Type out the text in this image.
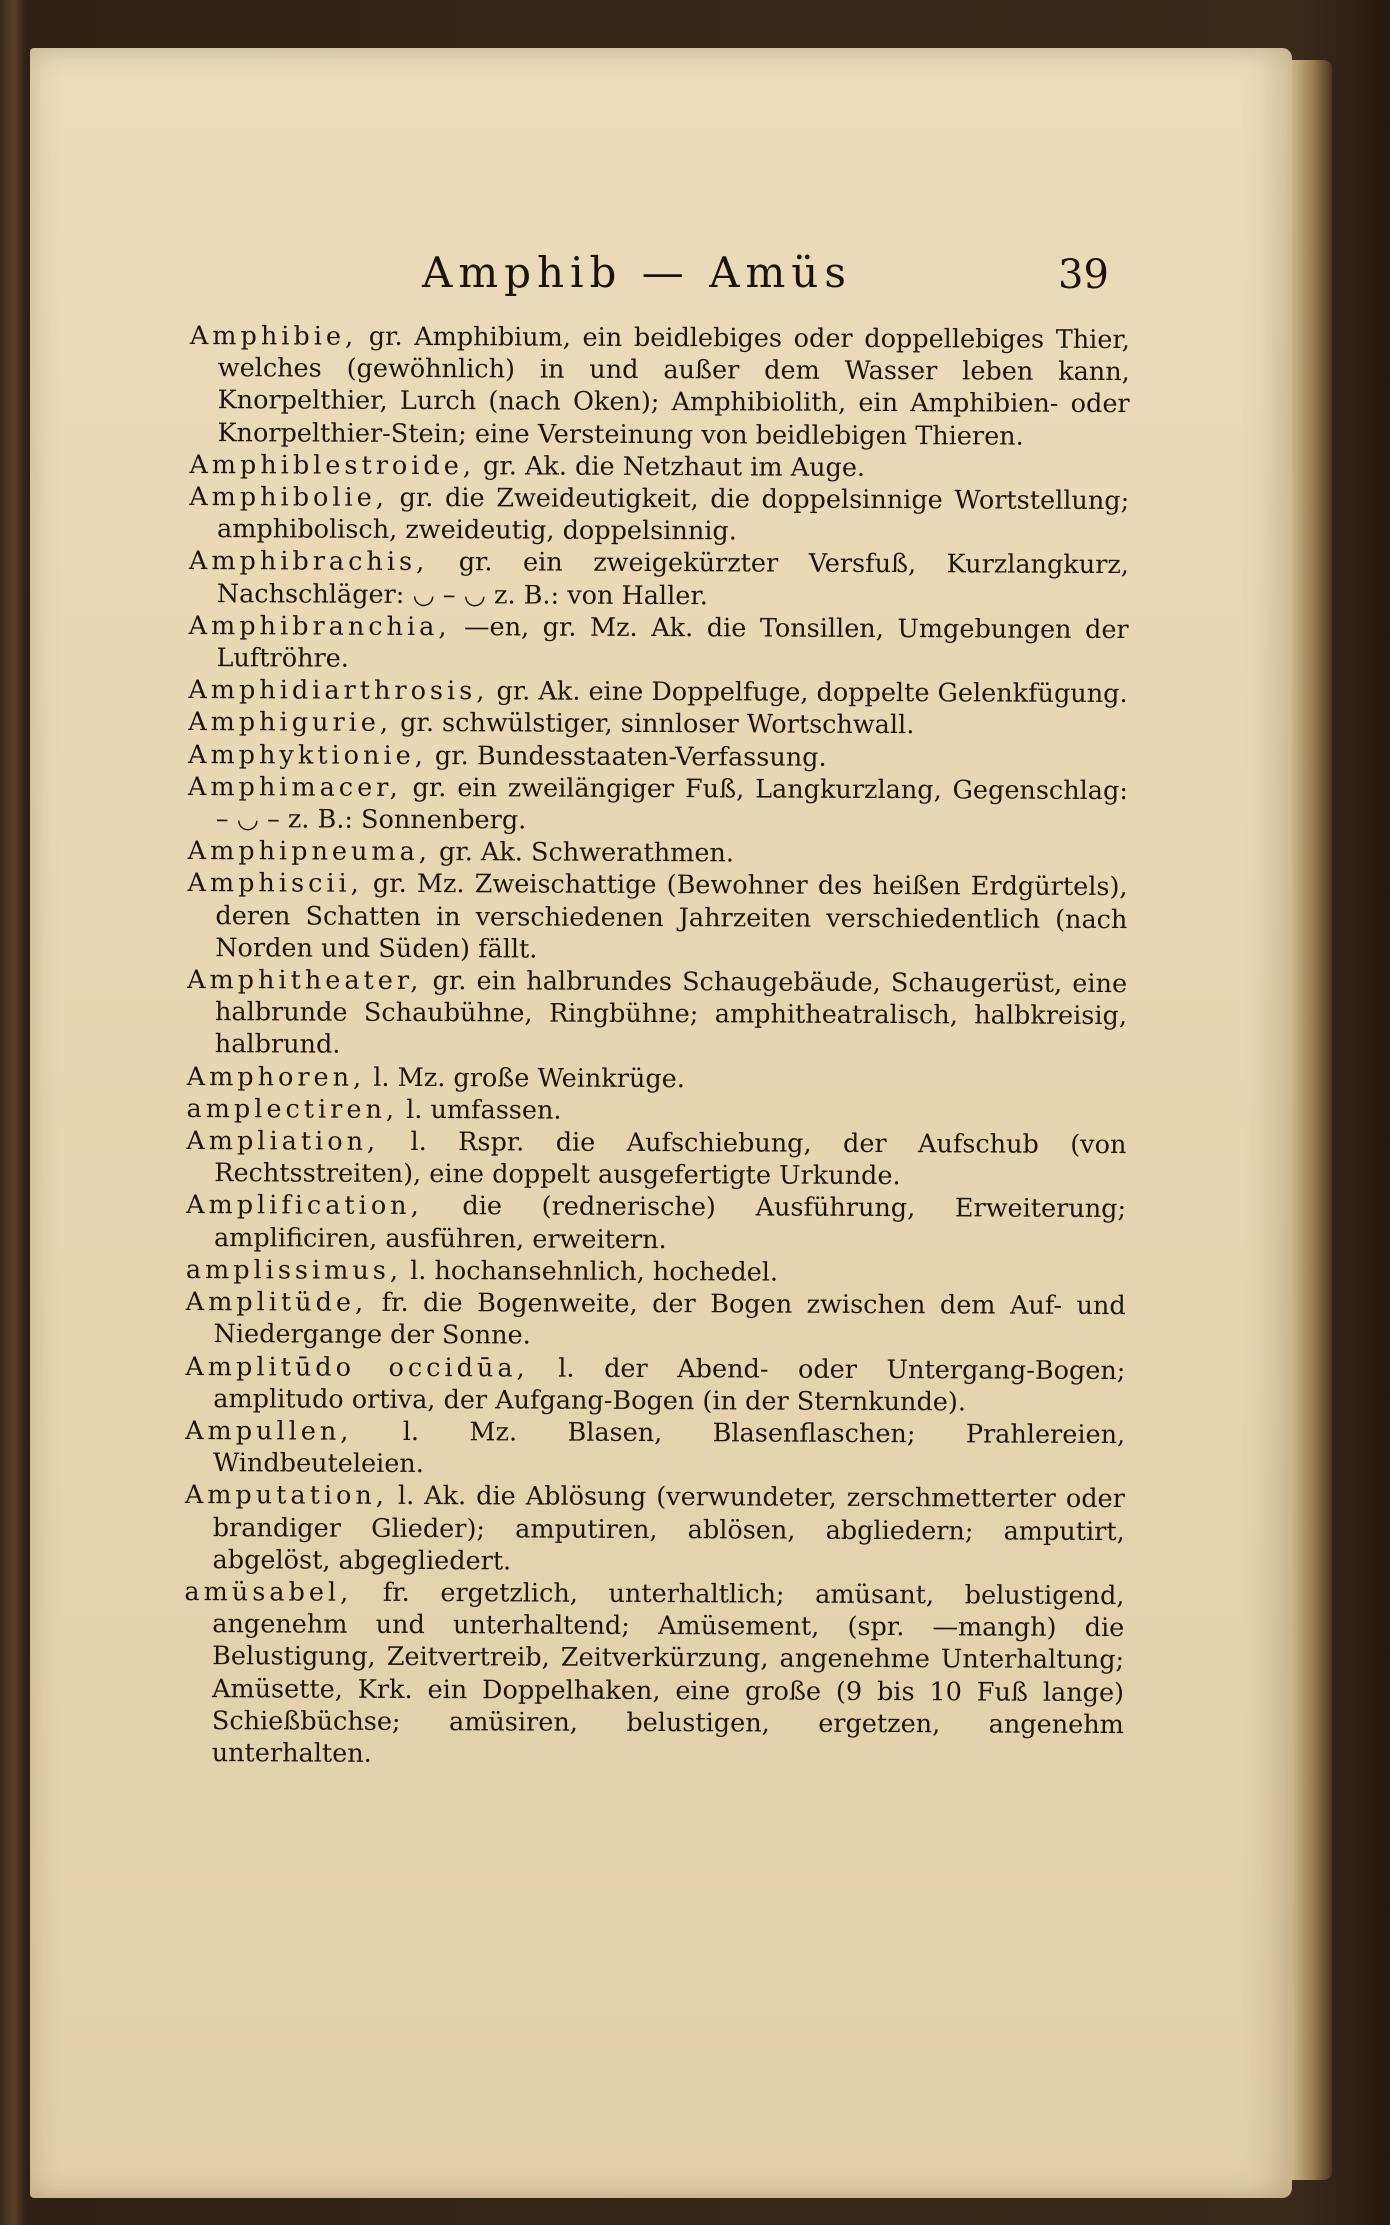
Amphib — Amüs	39

Amphibie, gr. Amphibium, ein beidlebiges oder doppellebiges Thier, welches (gewöhnlich) in und außer dem Wasser leben kann, Knorpelthier, Lurch (nach Oken); Amphibiolith, ein Amphibien- oder Knorpelthier-Stein; eine Versteinung von beidlebigen Thieren.

Amphiblestroide, gr. Ak. die Netzhaut im Auge.

Amphibolie, gr. die Zweideutigkeit, die doppelsinnige Wortstellung; amphibolisch, zweideutig, doppelsinnig.

Amphibrachis, gr. ein zweigekürzter Versfuß, Kurzlangkurz, Nachschläger: ◡ – ◡ z. B.: von Haller.

Amphibranchia, —en, gr. Mz. Ak. die Tonsillen, Umgebungen der Luftröhre.

Amphidiarthrosis, gr. Ak. eine Doppelfuge, doppelte Gelenkfügung.

Amphigurie, gr. schwülstiger, sinnloser Wortschwall.

Amphyktionie, gr. Bundesstaaten-Verfassung.

Amphimacer, gr. ein zweilängiger Fuß, Langkurzlang, Gegenschlag: – ◡ – z. B.: Sonnenberg.

Amphipneuma, gr. Ak. Schwerathmen.

Amphiscii, gr. Mz. Zweischattige (Bewohner des heißen Erdgürtels), deren Schatten in verschiedenen Jahrzeiten verschiedentlich (nach Norden und Süden) fällt.

Amphitheater, gr. ein halbrundes Schaugebäude, Schaugerüst, eine halbrunde Schaubühne, Ringbühne; amphitheatralisch, halbkreisig, halbrund.

Amphoren, l. Mz. große Weinkrüge.

amplectiren, l. umfassen.

Ampliation, l. Rspr. die Aufschiebung, der Aufschub (von Rechtsstreiten), eine doppelt ausgefertigte Urkunde.

Amplification, die (rednerische) Ausführung, Erweiterung; amplificiren, ausführen, erweitern.

amplissimus, l. hochansehnlich, hochedel.

Amplitüde, fr. die Bogenweite, der Bogen zwischen dem Auf- und Niedergange der Sonne.

Amplitūdo occidūa, l. der Abend- oder Untergang-Bogen; amplitudo ortiva, der Aufgang-Bogen (in der Sternkunde).

Ampullen, l. Mz. Blasen, Blasenflaschen; Prahlereien, Windbeuteleien.

Amputation, l. Ak. die Ablösung (verwundeter, zerschmetterter oder brandiger Glieder); amputiren, ablösen, abgliedern; amputirt, abgelöst, abgegliedert.

amüsabel, fr. ergetzlich, unterhaltlich; amüsant, belustigend, angenehm und unterhaltend; Amüsement, (spr. —mangh) die Belustigung, Zeitvertreib, Zeitverkürzung, angenehme Unterhaltung; Amüsette, Krk. ein Doppelhaken, eine große (9 bis 10 Fuß lange) Schießbüchse; amüsiren, belustigen, ergetzen, angenehm unterhalten.
